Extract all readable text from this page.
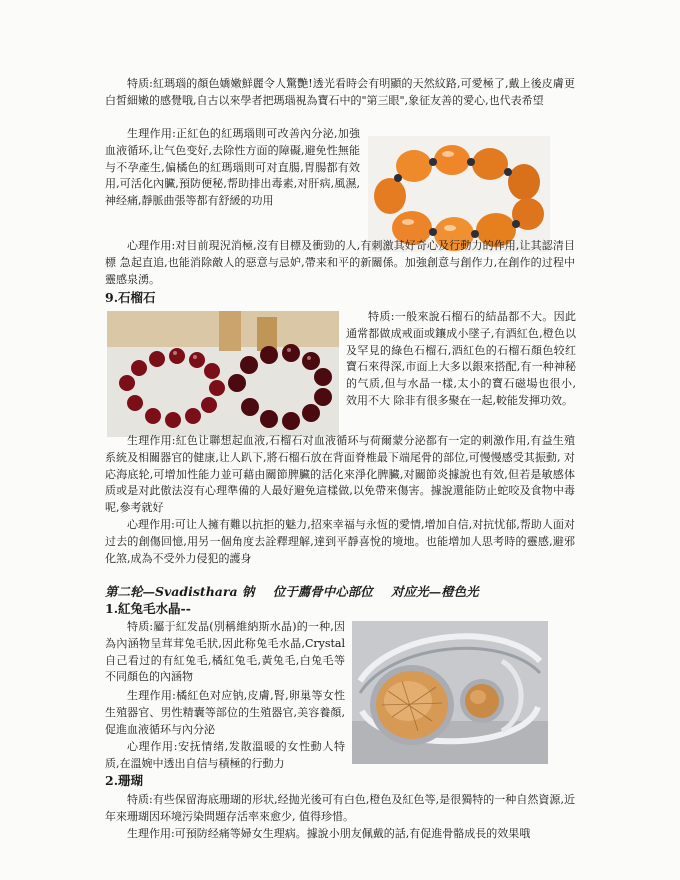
特质:紅瑪瑙的顏色嬌嫩鮮麗令人驚艷!透光看時会有明顯的天然紋路,可愛極了,戴上後皮膚更白皙細嫩的感覺哦,自古以來學者把瑪瑙視為寶石中的"第三眼",象征友善的愛心,也代表希望

生理作用:正紅色的紅瑪瑙則可改善內分泌,加強血液循环,让气色变好,去除性方面的障礙,避免性無能与不孕產生,偏橘色的紅瑪瑙則可对直腸,胃腸都有效用,可活化內臟,預防便秘,帮助排出毒素,对肝病,風濕,神经痛,靜脈曲張等都有舒緩的功用

心理作用:对目前現況消極,沒有目標及衝勁的人,有刺激其好奇心及行動力的作用,让其認清目標 急起直追,也能消除敵人的惡意与忌妒,帶来和平的新關係。加強創意与創作力,在創作的过程中靈感泉湧。

9.石榴石

特质:一般來說石榴石的結晶都不大。因此通常都做成戒面或鑲成小墜子,有酒紅色,橙色以及罕見的綠色石榴石,酒紅色的石榴石顏色较红寶石來得深,市面上大多以銀來搭配,有一种神秘的气质,但与水晶一樣,太小的寶石磁場也很小,效用不大 除非有很多聚在一起,較能发揮功效。

生理作用:紅色让聯想起血液,石榴石对血液循环与荷爾蒙分泌都有一定的刺激作用,有益生殖系統及相關器官的健康,让人趴下,將石榴石放在背面脊椎最下端尾骨的部位,可慢慢感受其振動, 对応海底轮,可增加性能力並可藉由關節脾臟的活化來淨化脾臟,对關節炎據說也有效,但若是敏感体质或是对此傲法沒有心理準備的人最好避免這樣做,以免帶來傷害。據說還能防止蛇咬及食物中毒呢,參考就好

心理作用:可让人擁有難以抗拒的魅力,招來幸福与永恆的愛情,增加自信,对抗忧郁,帮助人面对过去的創傷回憶,用另一個角度去詮釋理解,達到平靜喜悅的境地。也能增加人思考時的靈感,避邪化煞,成為不受外力侵犯的護身

第二轮—Svadisthara 钠 位于薦骨中心部位 对应光—橙色光
1.紅兔毛水晶--

特质:屬于紅发晶(別稱維納斯水晶)的一种,因為內涵物呈茸茸兔毛狀,因此称兔毛水晶,Crystal 自己看过的有紅兔毛,橘紅兔毛,黃兔毛,白兔毛等不同顏色的內涵物

生理作用:橘紅色对应钠,皮膚,腎,卵巢等女性生殖器官、男性精囊等部位的生殖器官,美容養顏,促進血液循环与內分泌

心理作用:安抚情绪,发散溫暖的女性動人特质,在溫婉中透出自信与積極的行動力

2.珊瑚

特质:有些保留海底珊瑚的形状,经抛光後可有白色,橙色及紅色等,是很獨特的一种自然資源,近年來珊瑚因环境污染問題存活率來愈少, 值得珍惜。

生理作用:可預防经痛等婦女生理病。據說小朋友佩戴的話,有促進骨骼成長的效果哦
